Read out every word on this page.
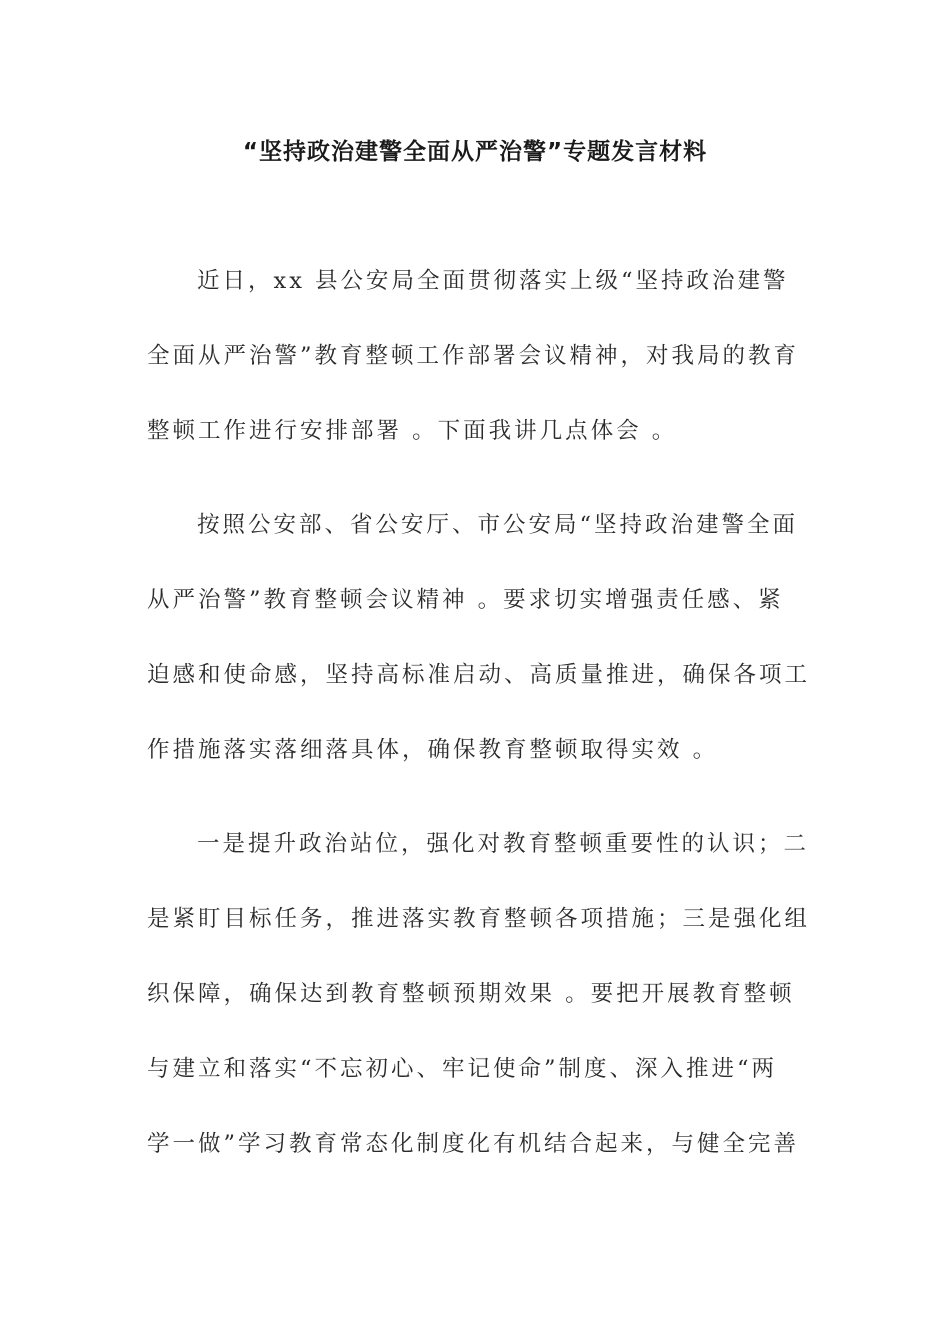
“坚持政治建警全面从严治警”专题发言材料
近日，xx 县公安局全面贯彻落实上级“坚持政治建警
全面从严治警”教育整顿工作部署会议精神，对我局的教育
整顿工作进行安排部署 。下面我讲几点体会 。
按照公安部、省公安厅、市公安局“坚持政治建警全面
从严治警”教育整顿会议精神 。要求切实增强责任感、紧
迫感和使命感，坚持高标准启动、高质量推进，确保各项工
作措施落实落细落具体，确保教育整顿取得实效 。
一是提升政治站位，强化对教育整顿重要性的认识；二
是紧盯目标任务，推进落实教育整顿各项措施；三是强化组
织保障，确保达到教育整顿预期效果 。要把开展教育整顿
与建立和落实“不忘初心、牢记使命”制度、深入推进“两
学一做”学习教育常态化制度化有机结合起来，与健全完善
